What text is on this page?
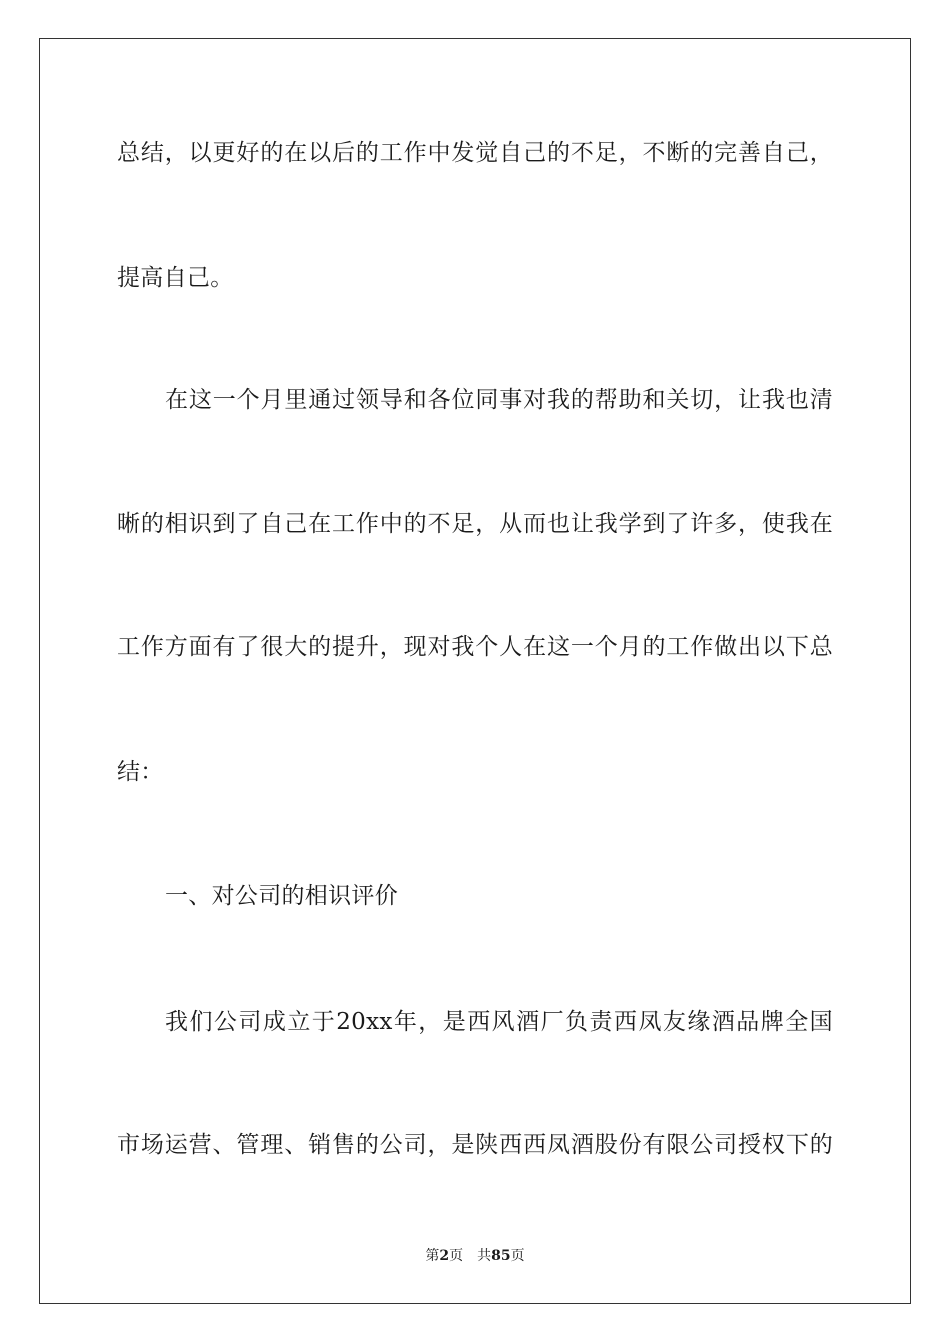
总结，以更好的在以后的工作中发觉自己的不足，不断的完善自己，
提高自己。
在这一个月里通过领导和各位同事对我的帮助和关切，让我也清
晰的相识到了自己在工作中的不足，从而也让我学到了许多，使我在
工作方面有了很大的提升，现对我个人在这一个月的工作做出以下总
结：
一、对公司的相识评价
我们公司成立于20xx年，是西风酒厂负责西凤友缘酒品牌全国
市场运营、管理、销售的公司，是陕西西凤酒股份有限公司授权下的
第2页 共85页
